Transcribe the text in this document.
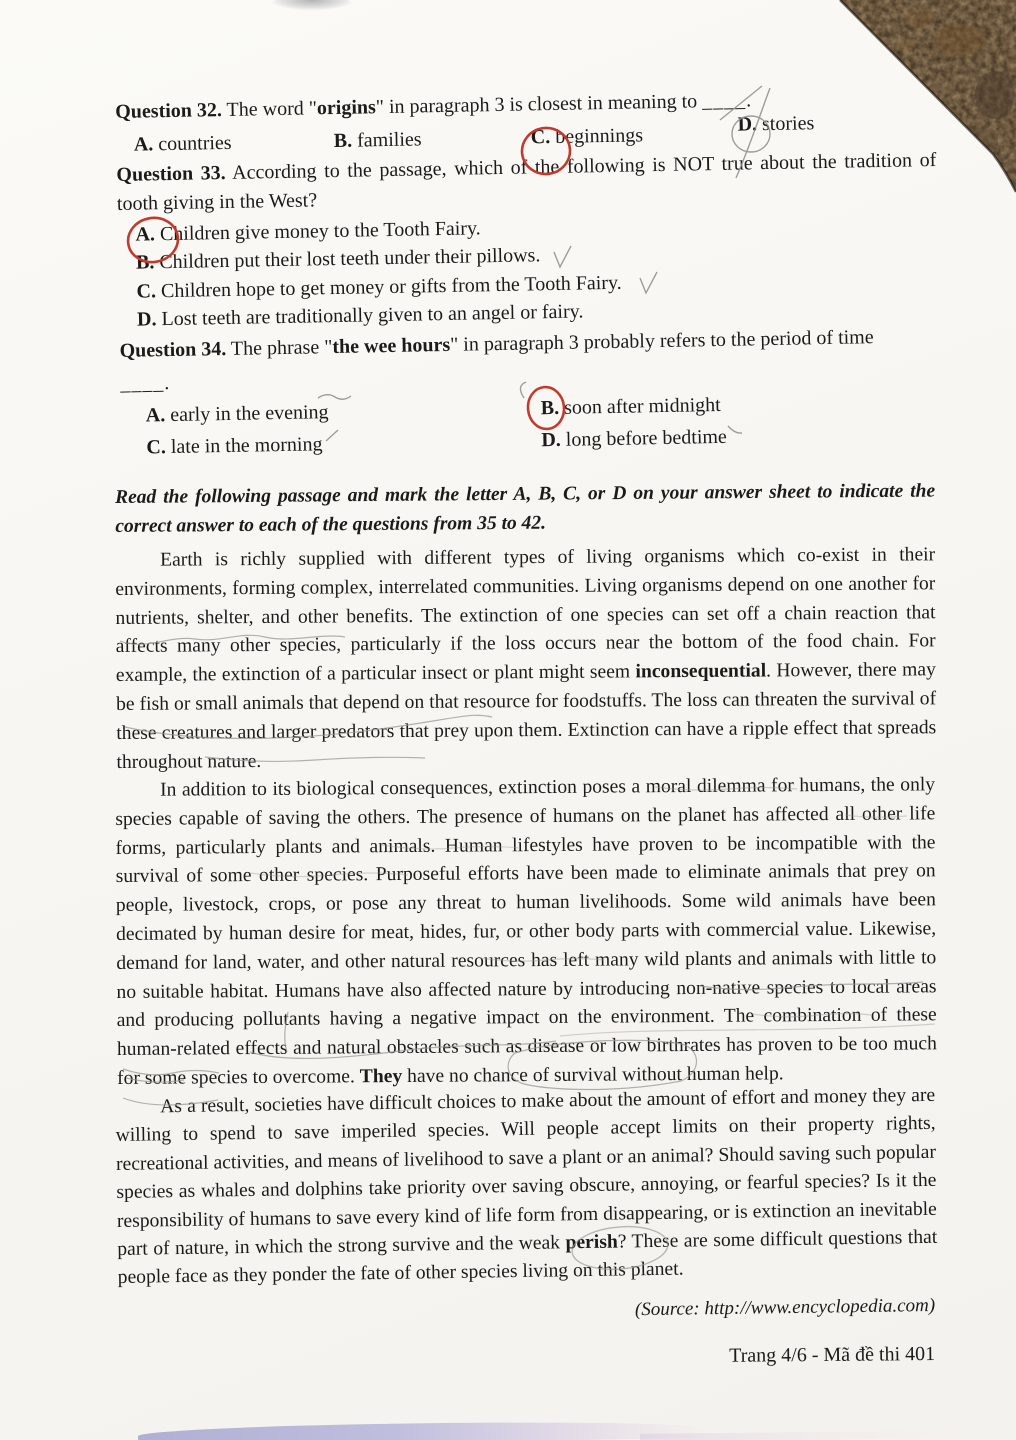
Question 32. The word "origins" in paragraph 3 is closest in meaning to ____.

A. countries	B. families	C. beginnings	D. stories

Question 33. According to the passage, which of the following is NOT true about the tradition of tooth giving in the West?

A. Children give money to the Tooth Fairy.

B. Children put their lost teeth under their pillows.

C. Children hope to get money or gifts from the Tooth Fairy.

D. Lost teeth are traditionally given to an angel or fairy.

Question 34. The phrase "the wee hours" in paragraph 3 probably refers to the period of time

____.

A. early in the evening	B. soon after midnight
C. late in the morning	D. long before bedtime

Read the following passage and mark the letter A, B, C, or D on your answer sheet to indicate the correct answer to each of the questions from 35 to 42.

Earth is richly supplied with different types of living organisms which co-exist in their environments, forming complex, interrelated communities. Living organisms depend on one another for nutrients, shelter, and other benefits. The extinction of one species can set off a chain reaction that affects many other species, particularly if the loss occurs near the bottom of the food chain. For example, the extinction of a particular insect or plant might seem inconsequential. However, there may be fish or small animals that depend on that resource for foodstuffs. The loss can threaten the survival of these creatures and larger predators that prey upon them. Extinction can have a ripple effect that spreads throughout nature.

In addition to its biological consequences, extinction poses a moral dilemma for humans, the only species capable of saving the others. The presence of humans on the planet has affected all other life forms, particularly plants and animals. Human lifestyles have proven to be incompatible with the survival of some other species. Purposeful efforts have been made to eliminate animals that prey on people, livestock, crops, or pose any threat to human livelihoods. Some wild animals have been decimated by human desire for meat, hides, fur, or other body parts with commercial value. Likewise, demand for land, water, and other natural resources has left many wild plants and animals with little to no suitable habitat. Humans have also affected nature by introducing non-native species to local areas and producing pollutants having a negative impact on the environment. The combination of these human-related effects and natural obstacles such as disease or low birthrates has proven to be too much for some species to overcome. They have no chance of survival without human help.

As a result, societies have difficult choices to make about the amount of effort and money they are willing to spend to save imperiled species. Will people accept limits on their property rights, recreational activities, and means of livelihood to save a plant or an animal? Should saving such popular species as whales and dolphins take priority over saving obscure, annoying, or fearful species? Is it the responsibility of humans to save every kind of life form from disappearing, or is extinction an inevitable part of nature, in which the strong survive and the weak perish? These are some difficult questions that people face as they ponder the fate of other species living on this planet.

(Source: http://www.encyclopedia.com)

Trang 4/6 - Mã đề thi 401
